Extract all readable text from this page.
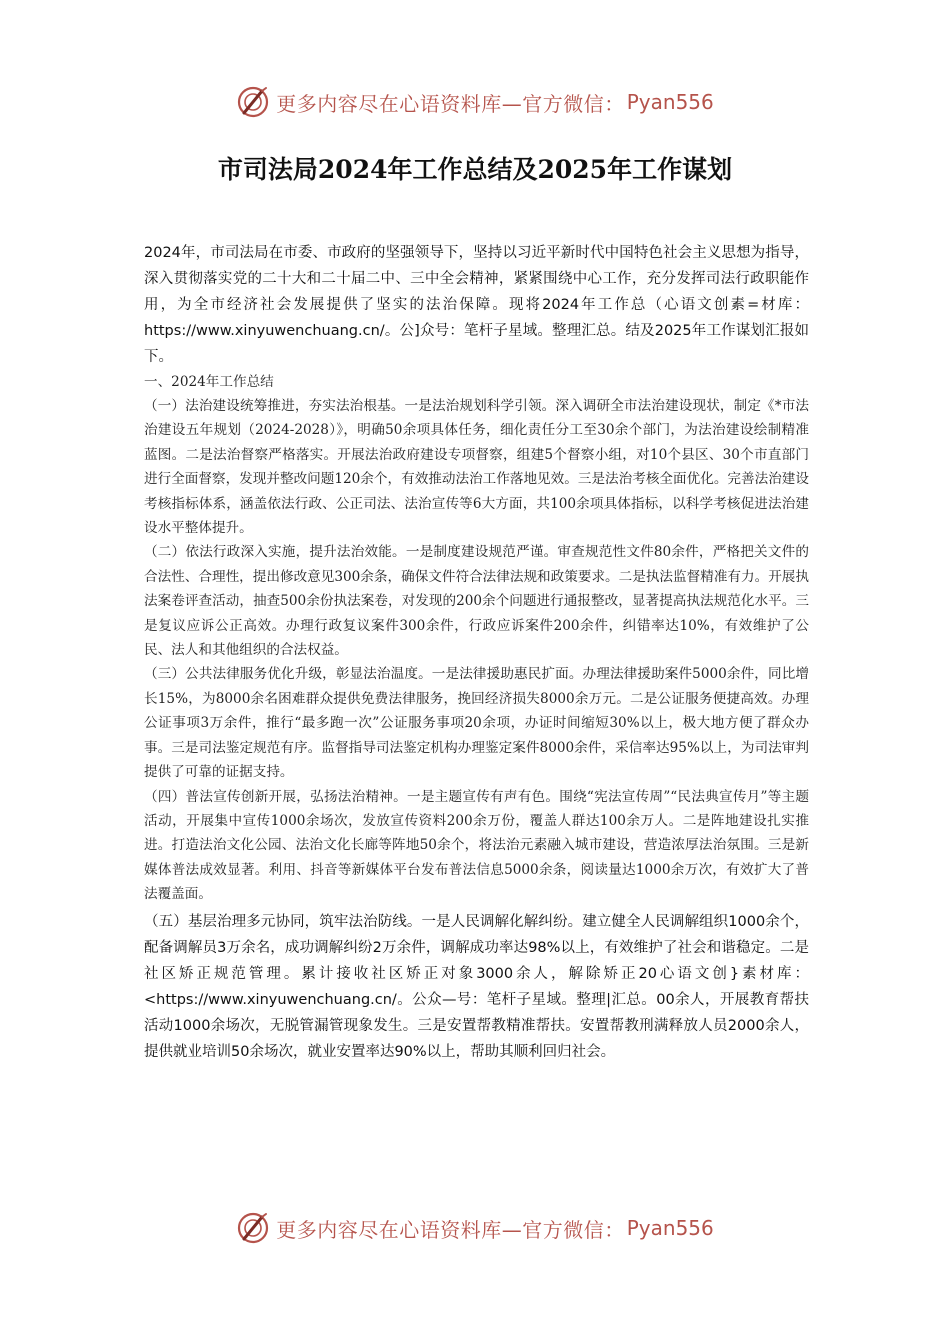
更多内容尽在心语资料库—官方微信： Pyan556
市司法局2024年工作总结及2025年工作谋划

2024年，市司法局在市委、市政府的坚强领导下，坚持以习近平新时代中国特色社会主义思想为指导，深入贯彻落实党的二十大和二十届二中、三中全会精神，紧紧围绕中心工作，充分发挥司法行政职能作用，为全市经济社会发展提供了坚实的法治保障。现将2024年工作总（心语文创素=材库：https://www.xinyuwenchuang.cn/。公]众号：笔杆子星域。整理汇总。结及2025年工作谋划汇报如下。

一、2024年工作总结

（一）法治建设统筹推进，夯实法治根基。一是法治规划科学引领。深入调研全市法治建设现状，制定《*市法治建设五年规划（2024-2028）》，明确50余项具体任务，细化责任分工至30余个部门，为法治建设绘制精准蓝图。二是法治督察严格落实。开展法治政府建设专项督察，组建5个督察小组，对10个县区、30个市直部门进行全面督察，发现并整改问题120余个，有效推动法治工作落地见效。三是法治考核全面优化。完善法治建设考核指标体系，涵盖依法行政、公正司法、法治宣传等6大方面，共100余项具体指标，以科学考核促进法治建设水平整体提升。

（二）依法行政深入实施，提升法治效能。一是制度建设规范严谨。审查规范性文件80余件，严格把关文件的合法性、合理性，提出修改意见300余条，确保文件符合法律法规和政策要求。二是执法监督精准有力。开展执法案卷评查活动，抽查500余份执法案卷，对发现的200余个问题进行通报整改，显著提高执法规范化水平。三是复议应诉公正高效。办理行政复议案件300余件，行政应诉案件200余件，纠错率达10%，有效维护了公民、法人和其他组织的合法权益。

（三）公共法律服务优化升级，彰显法治温度。一是法律援助惠民扩面。办理法律援助案件5000余件，同比增长15%，为8000余名困难群众提供免费法律服务，挽回经济损失8000余万元。二是公证服务便捷高效。办理公证事项3万余件，推行“最多跑一次”公证服务事项20余项，办证时间缩短30%以上，极大地方便了群众办事。三是司法鉴定规范有序。监督指导司法鉴定机构办理鉴定案件8000余件，采信率达95%以上，为司法审判提供了可靠的证据支持。

（四）普法宣传创新开展，弘扬法治精神。一是主题宣传有声有色。围绕“宪法宣传周”“民法典宣传月”等主题活动，开展集中宣传1000余场次，发放宣传资料200余万份，覆盖人群达100余万人。二是阵地建设扎实推进。打造法治文化公园、法治文化长廊等阵地50余个，将法治元素融入城市建设，营造浓厚法治氛围。三是新媒体普法成效显著。利用、抖音等新媒体平台发布普法信息5000余条，阅读量达1000余万次，有效扩大了普法覆盖面。

（五）基层治理多元协同，筑牢法治防线。一是人民调解化解纠纷。建立健全人民调解组织1000余个，配备调解员3万余名，成功调解纠纷2万余件，调解成功率达98%以上，有效维护了社会和谐稳定。二是社区矫正规范管理。累计接收社区矫正对象3000余人，解除矫正20心语文创}素材库：<https://www.xinyuwenchuang.cn/。公众—号：笔杆子星域。整理|汇总。00余人，开展教育帮扶活动1000余场次，无脱管漏管现象发生。三是安置帮教精准帮扶。安置帮教刑满释放人员2000余人，提供就业培训50余场次，就业安置率达90%以上，帮助其顺利回归社会。

更多内容尽在心语资料库—官方微信： Pyan556
